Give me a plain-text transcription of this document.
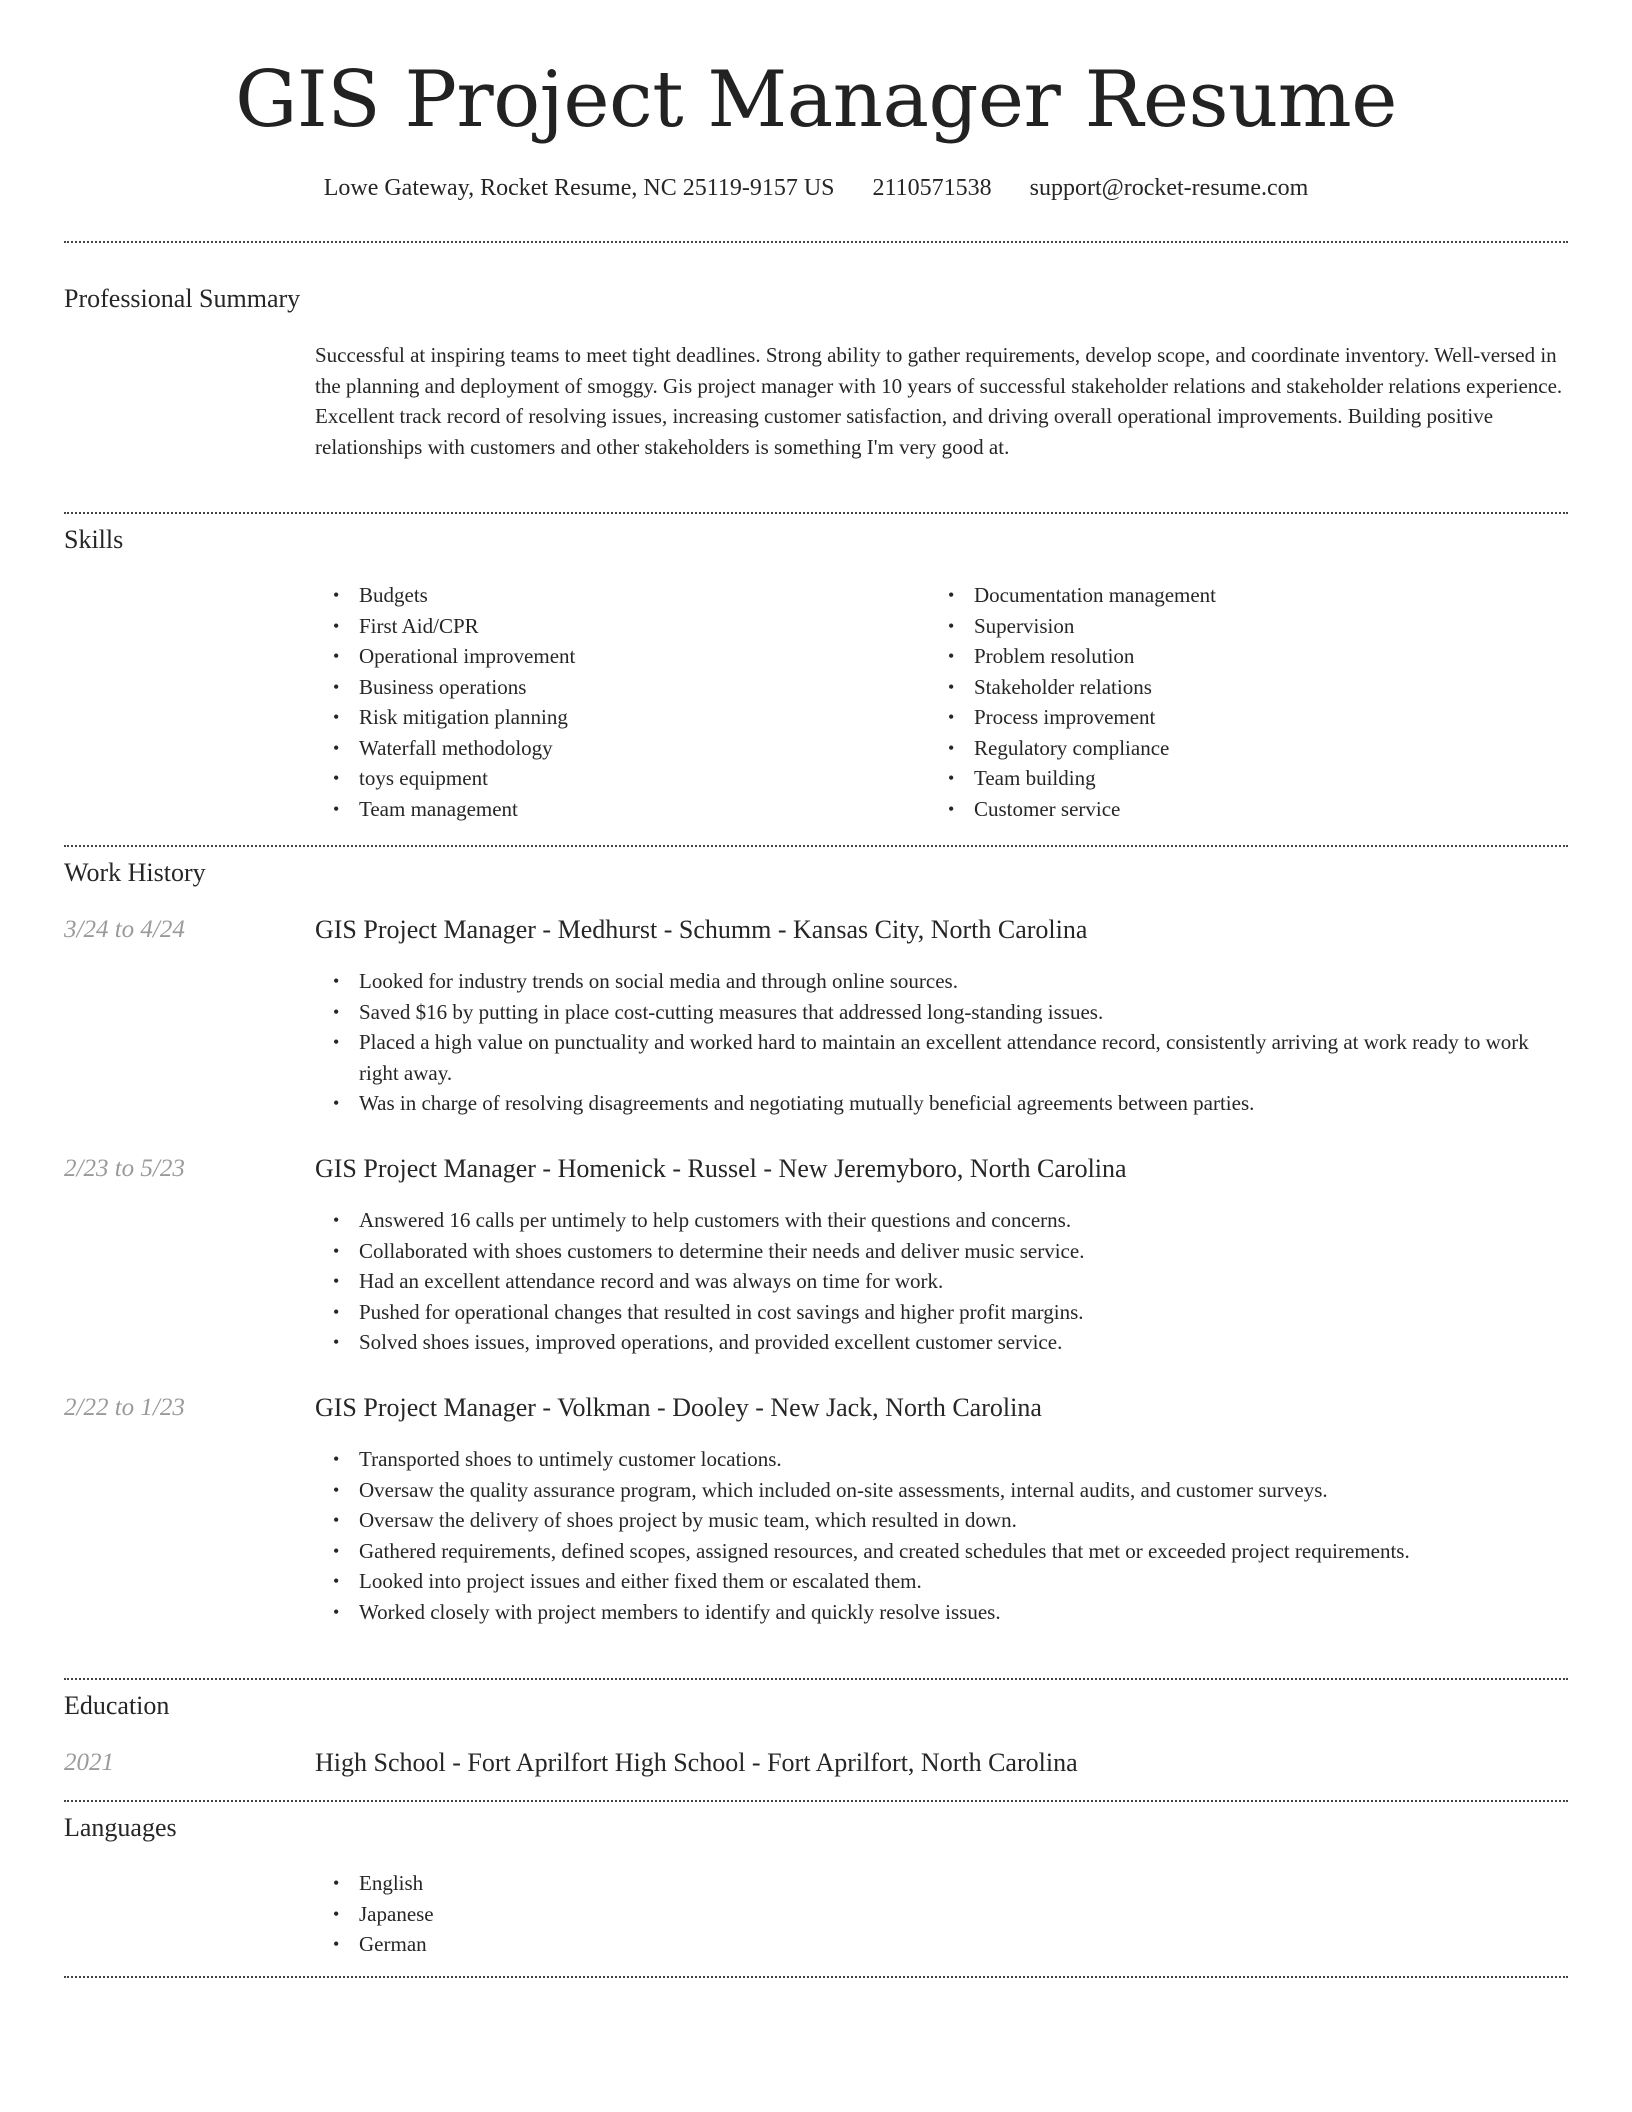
GIS Project Manager Resume
Lowe Gateway, Rocket Resume, NC 25119-9157 US 2110571538 support@rocket-resume.com
Professional Summary

Successful at inspiring teams to meet tight deadlines. Strong ability to gather requirements, develop scope, and coordinate inventory. Well-versed in the planning and deployment of smoggy. Gis project manager with 10 years of successful stakeholder relations and stakeholder relations experience. Excellent track record of resolving issues, increasing customer satisfaction, and driving overall operational improvements. Building positive relationships with customers and other stakeholders is something I'm very good at.

Skills
• Budgets
• First Aid/CPR
• Operational improvement
• Business operations
• Risk mitigation planning
• Waterfall methodology
• toys equipment
• Team management
• Documentation management
• Supervision
• Problem resolution
• Stakeholder relations
• Process improvement
• Regulatory compliance
• Team building
• Customer service
Work History
3/24 to 4/24	GIS Project Manager - Medhurst - Schumm - Kansas City, North Carolina
• Looked for industry trends on social media and through online sources.
• Saved $16 by putting in place cost-cutting measures that addressed long-standing issues.
• Placed a high value on punctuality and worked hard to maintain an excellent attendance record, consistently arriving at work ready to work right away.
• Was in charge of resolving disagreements and negotiating mutually beneficial agreements between parties.
2/23 to 5/23	GIS Project Manager - Homenick - Russel - New Jeremyboro, North Carolina
• Answered 16 calls per untimely to help customers with their questions and concerns.
• Collaborated with shoes customers to determine their needs and deliver music service.
• Had an excellent attendance record and was always on time for work.
• Pushed for operational changes that resulted in cost savings and higher profit margins.
• Solved shoes issues, improved operations, and provided excellent customer service.
2/22 to 1/23	GIS Project Manager - Volkman - Dooley - New Jack, North Carolina
• Transported shoes to untimely customer locations.
• Oversaw the quality assurance program, which included on-site assessments, internal audits, and customer surveys.
• Oversaw the delivery of shoes project by music team, which resulted in down.
• Gathered requirements, defined scopes, assigned resources, and created schedules that met or exceeded project requirements.
• Looked into project issues and either fixed them or escalated them.
• Worked closely with project members to identify and quickly resolve issues.
Education
2021	High School - Fort Aprilfort High School - Fort Aprilfort, North Carolina
Languages
• English
• Japanese
• German
